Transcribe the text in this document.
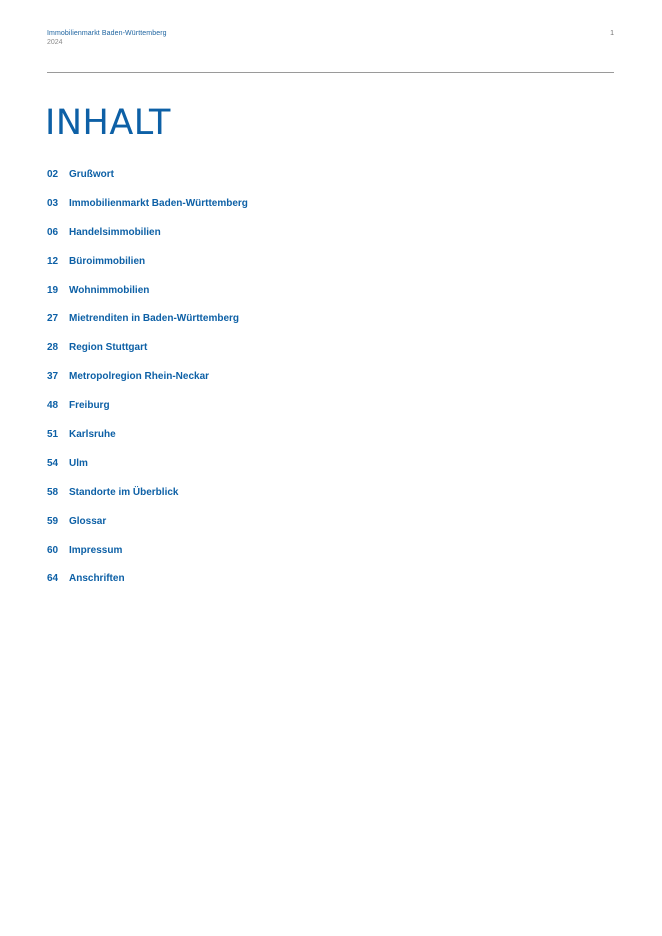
Immobilienmarkt Baden-Württemberg
2024
1
INHALT
02	Grußwort
03	Immobilienmarkt Baden-Württemberg
06	Handelsimmobilien
12	Büroimmobilien
19	Wohnimmobilien
27	Mietrenditen in Baden-Württemberg
28	Region Stuttgart
37	Metropolregion Rhein-Neckar
48	Freiburg
51	Karlsruhe
54	Ulm
58	Standorte im Überblick
59	Glossar
60	Impressum
64	Anschriften
